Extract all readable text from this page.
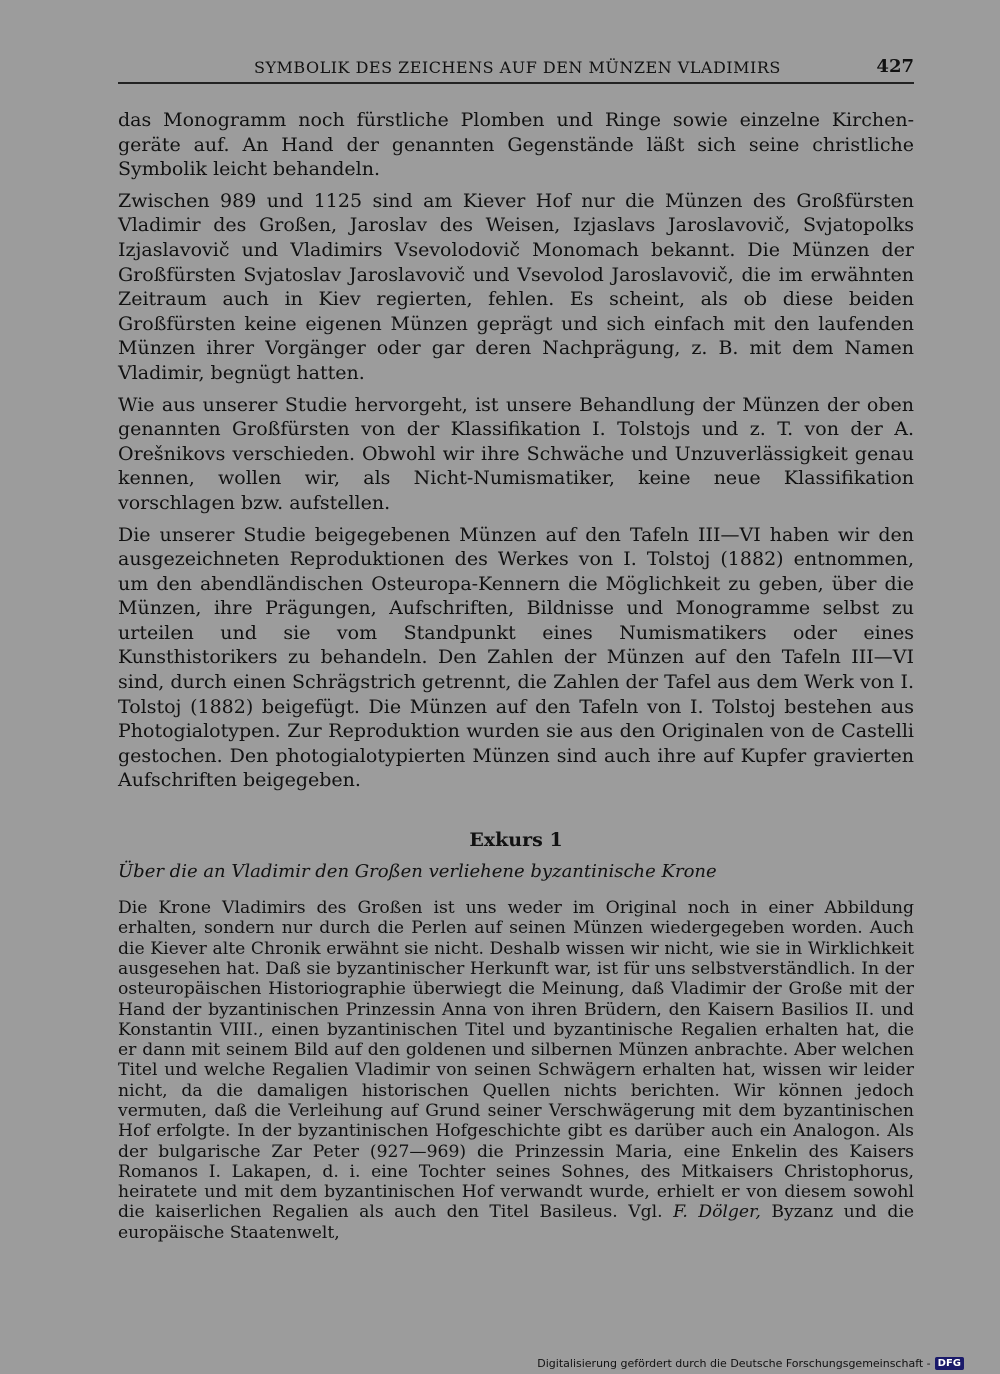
SYMBOLIK DES ZEICHENS AUF DEN MÜNZEN VLADIMIRS	427

das Monogramm noch fürstliche Plomben und Ringe sowie einzelne Kirchengeräte auf. An Hand der genannten Gegenstände läßt sich seine christliche Symbolik leicht behandeln.

Zwischen 989 und 1125 sind am Kiever Hof nur die Münzen des Großfürsten Vladimir des Großen, Jaroslav des Weisen, Izjaslavs Jaroslavovič, Svjatopolks Izjaslavovič und Vladimirs Vsevolodovič Monomach bekannt. Die Münzen der Großfürsten Svjatoslav Jaroslavovič und Vsevolod Jaroslavovič, die im erwähnten Zeitraum auch in Kiev regierten, fehlen. Es scheint, als ob diese beiden Großfürsten keine eigenen Münzen geprägt und sich einfach mit den laufenden Münzen ihrer Vorgänger oder gar deren Nachprägung, z. B. mit dem Namen Vladimir, begnügt hatten.

Wie aus unserer Studie hervorgeht, ist unsere Behandlung der Münzen der oben genannten Großfürsten von der Klassifikation I. Tolstojs und z. T. von der A. Orešnikovs verschieden. Obwohl wir ihre Schwäche und Unzuverlässigkeit genau kennen, wollen wir, als Nicht-Numismatiker, keine neue Klassifikation vorschlagen bzw. aufstellen.

Die unserer Studie beigegebenen Münzen auf den Tafeln III—VI haben wir den ausgezeichneten Reproduktionen des Werkes von I. Tolstoj (1882) entnommen, um den abendländischen Osteuropa-Kennern die Möglichkeit zu geben, über die Münzen, ihre Prägungen, Aufschriften, Bildnisse und Monogramme selbst zu urteilen und sie vom Standpunkt eines Numismatikers oder eines Kunsthistorikers zu behandeln. Den Zahlen der Münzen auf den Tafeln III—VI sind, durch einen Schrägstrich getrennt, die Zahlen der Tafel aus dem Werk von I. Tolstoj (1882) beigefügt. Die Münzen auf den Tafeln von I. Tolstoj bestehen aus Photogialotypen. Zur Reproduktion wurden sie aus den Originalen von de Castelli gestochen. Den photogialotypierten Münzen sind auch ihre auf Kupfer gravierten Aufschriften beigegeben.

Exkurs 1
Über die an Vladimir den Großen verliehene byzantinische Krone

Die Krone Vladimirs des Großen ist uns weder im Original noch in einer Abbildung erhalten, sondern nur durch die Perlen auf seinen Münzen wiedergegeben worden. Auch die Kiever alte Chronik erwähnt sie nicht. Deshalb wissen wir nicht, wie sie in Wirklichkeit ausgesehen hat. Daß sie byzantinischer Herkunft war, ist für uns selbstverständlich. In der osteuropäischen Historiographie überwiegt die Meinung, daß Vladimir der Große mit der Hand der byzantinischen Prinzessin Anna von ihren Brüdern, den Kaisern Basilios II. und Konstantin VIII., einen byzantinischen Titel und byzantinische Regalien erhalten hat, die er dann mit seinem Bild auf den goldenen und silbernen Münzen anbrachte. Aber welchen Titel und welche Regalien Vladimir von seinen Schwägern erhalten hat, wissen wir leider nicht, da die damaligen historischen Quellen nichts berichten. Wir können jedoch vermuten, daß die Verleihung auf Grund seiner Verschwägerung mit dem byzantinischen Hof erfolgte. In der byzantinischen Hofgeschichte gibt es darüber auch ein Analogon. Als der bulgarische Zar Peter (927—969) die Prinzessin Maria, eine Enkelin des Kaisers Romanos I. Lakapen, d. i. eine Tochter seines Sohnes, des Mitkaisers Christophorus, heiratete und mit dem byzantinischen Hof verwandt wurde, erhielt er von diesem sowohl die kaiserlichen Regalien als auch den Titel Basileus. Vgl. F. Dölger, Byzanz und die europäische Staatenwelt,

Digitalisierung gefördert durch die Deutsche Forschungsgemeinschaft - DFG
